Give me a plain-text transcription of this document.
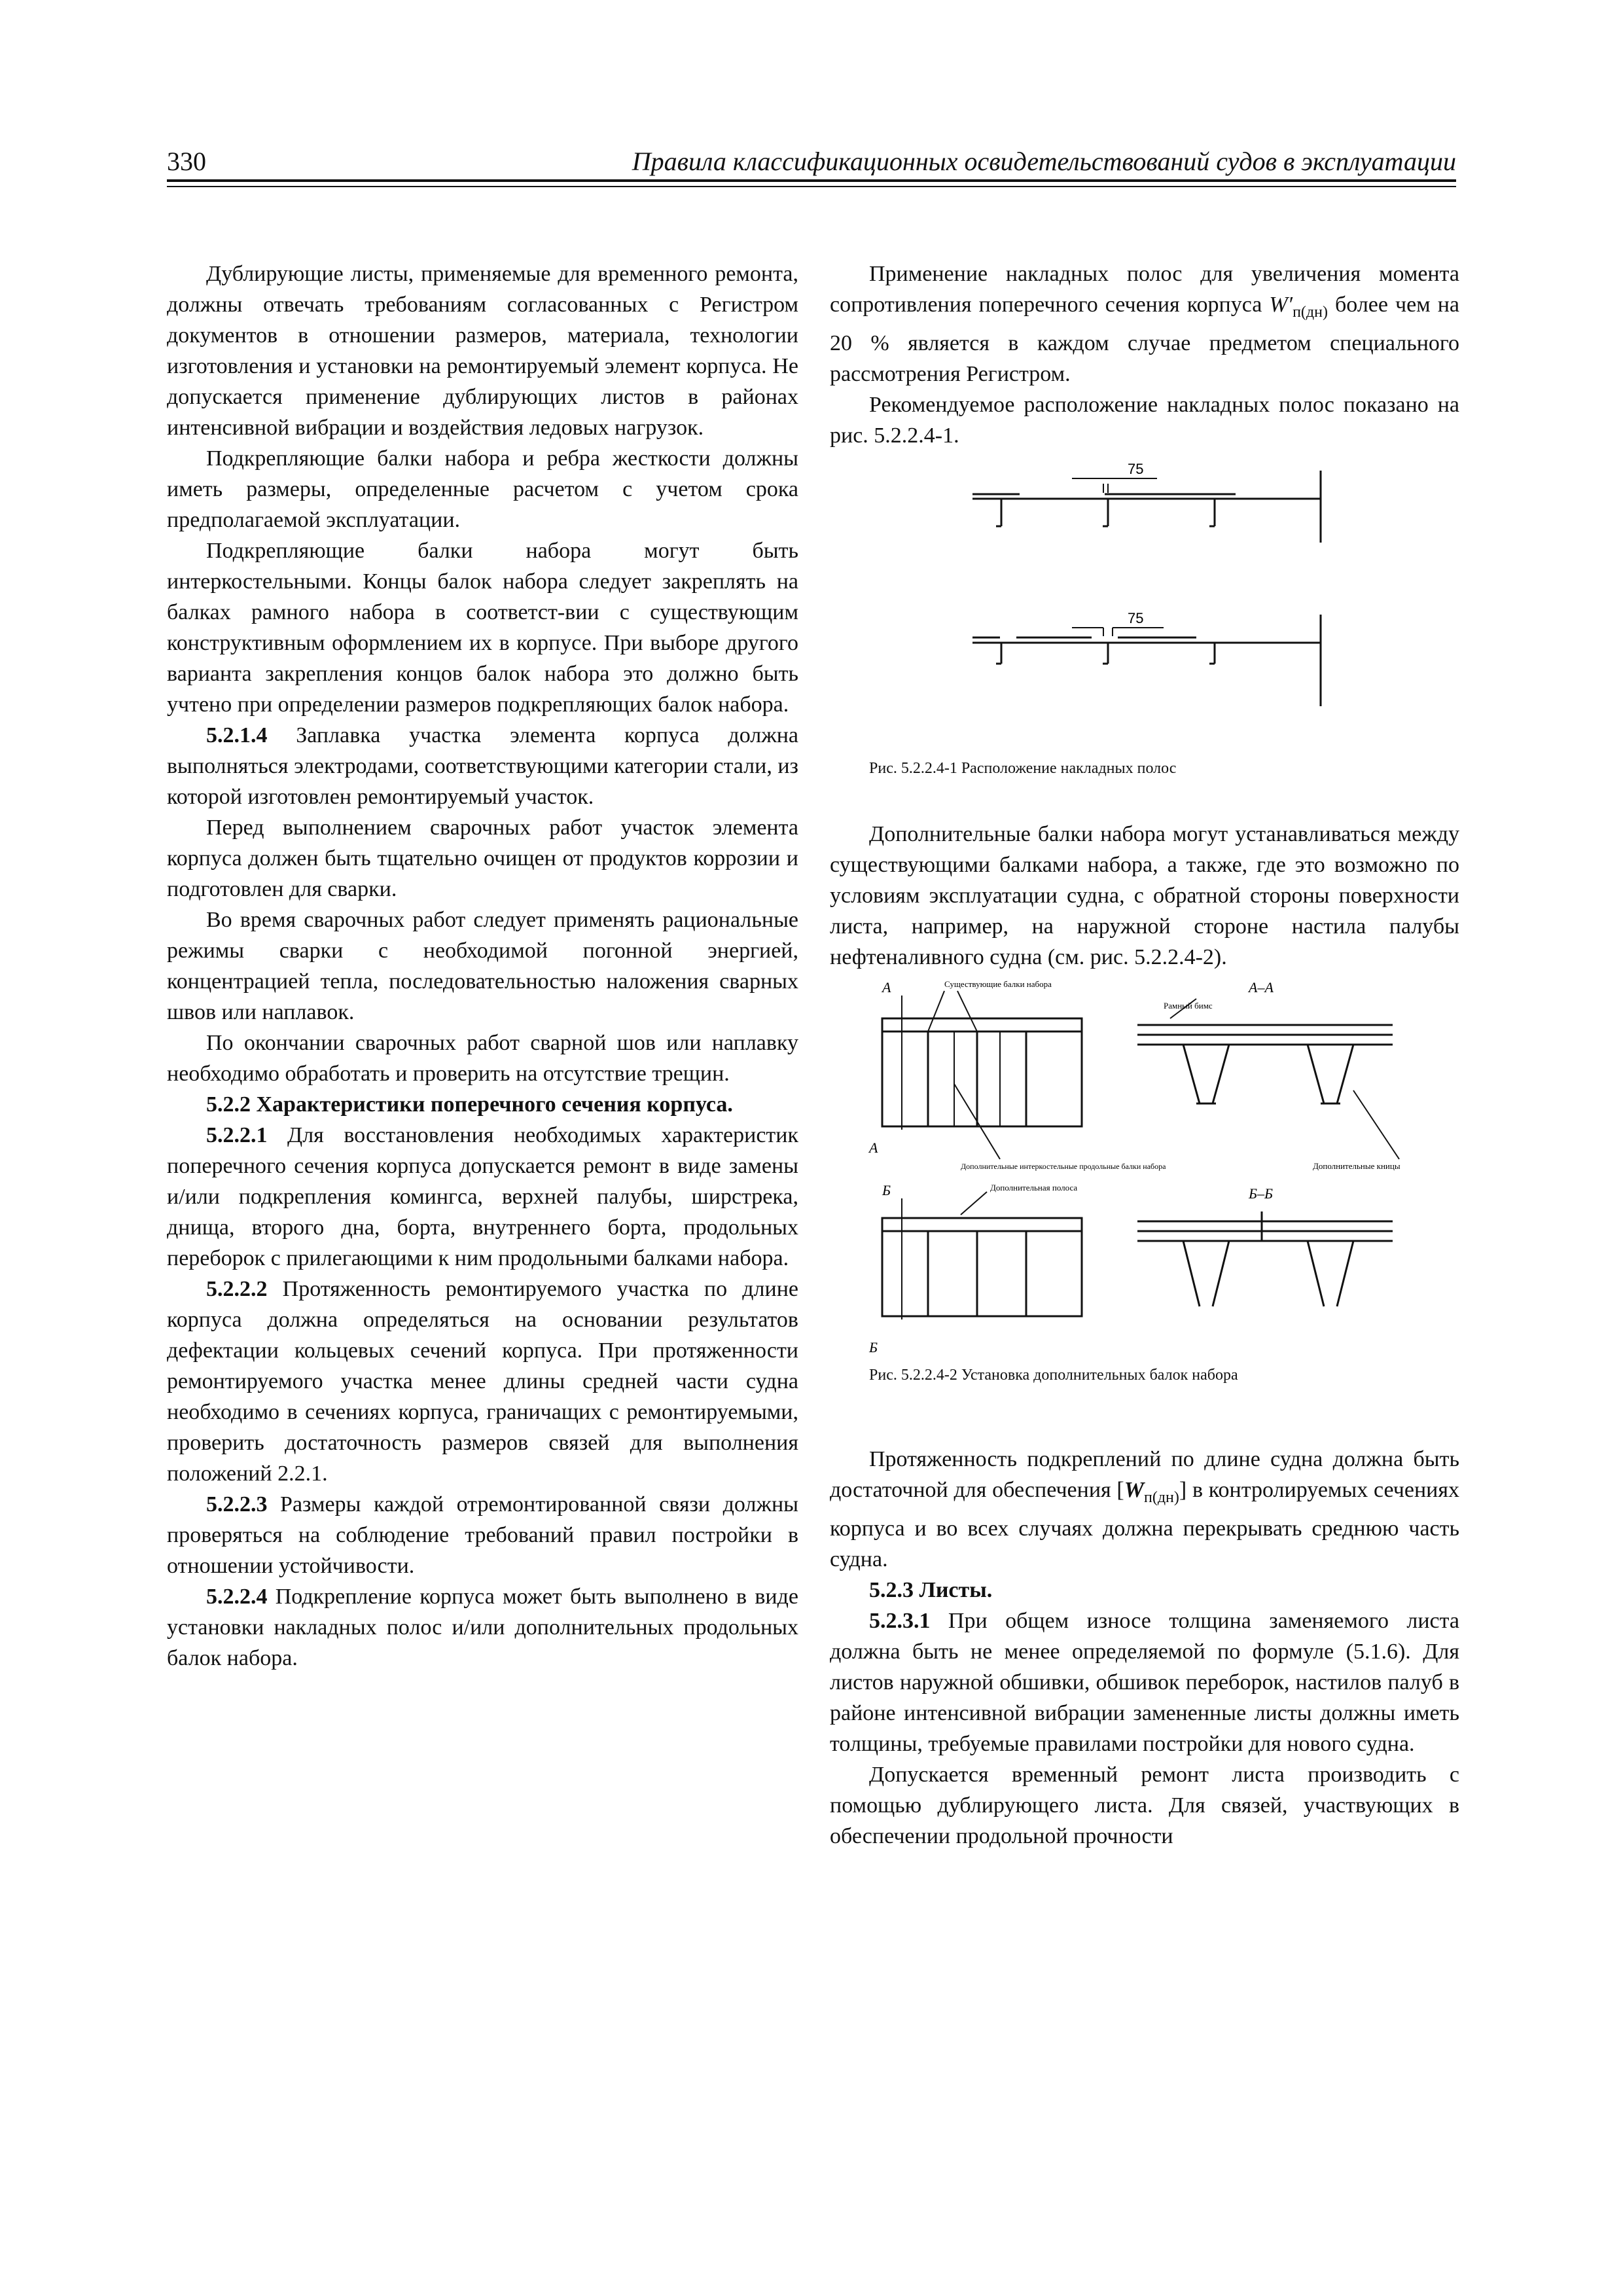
330	Правила классификационных освидетельствований судов в эксплуатации

Дублирующие листы, применяемые для временного ремонта, должны отвечать требованиям согласованных с Регистром документов в отношении размеров, материала, технологии изготовления и установки на ремонтируемый элемент корпуса. Не допускается применение дублирующих листов в районах интенсивной вибрации и воздействия ледовых нагрузок.

Подкрепляющие балки набора и ребра жесткости должны иметь размеры, определенные расчетом с учетом срока предполагаемой эксплуатации.

Подкрепляющие балки набора могут быть интеркостельными. Концы балок набора следует закреплять на балках рамного набора в соответст-вии с существующим конструктивным оформлением их в корпусе. При выборе другого варианта закрепления концов балок набора это должно быть учтено при определении размеров подкрепляющих балок набора.

5.2.1.4 Заплавка участка элемента корпуса должна выполняться электродами, соответствующими категории стали, из которой изготовлен ремонтируемый участок.

Перед выполнением сварочных работ участок элемента корпуса должен быть тщательно очищен от продуктов коррозии и подготовлен для сварки.

Во время сварочных работ следует применять рациональные режимы сварки с необходимой погонной энергией, концентрацией тепла, последовательностью наложения сварных швов или наплавок.

По окончании сварочных работ сварной шов или наплавку необходимо обработать и проверить на отсутствие трещин.

5.2.2 Характеристики поперечного сечения корпуса.

5.2.2.1 Для восстановления необходимых характеристик поперечного сечения корпуса допускается ремонт в виде замены и/или подкрепления комингса, верхней палубы, ширстрека, днища, второго дна, борта, внутреннего борта, продольных переборок с прилегающими к ним продольными балками набора.

5.2.2.2 Протяженность ремонтируемого участка по длине корпуса должна определяться на основании результатов дефектации кольцевых сечений корпуса. При протяженности ремонтируемого участка менее длины средней части судна необходимо в сечениях корпуса, граничащих с ремонтируемыми, проверить достаточность размеров связей для выполнения положений 2.2.1.

5.2.2.3 Размеры каждой отремонтированной связи должны проверяться на соблюдение требований правил постройки в отношении устойчивости.

5.2.2.4 Подкрепление корпуса может быть выполнено в виде установки накладных полос и/или дополнительных продольных балок набора.

Применение накладных полос для увеличения момента сопротивления поперечного сечения корпуса $W'_{п(дн)}$ более чем на 20 % является в каждом случае предметом специального рассмотрения Регистром.

Рекомендуемое расположение накладных полос показано на рис. 5.2.2.4-1.

75
75

Рис. 5.2.2.4-1 Расположение накладных полос

Дополнительные балки набора могут устанавливаться между существующими балками набора, а также, где это возможно по условиям эксплуатации судна, с обратной стороны поверхности листа, например, на наружной стороне настила палубы нефтеналивного судна (см. рис. 5.2.2.4-2).

А	Существующие балки набора	А–А
Рамный бимс
А
Дополнительные интеркостельные продольные балки набора	Дополнительные кницы
Б	Дополнительная полоса	Б–Б
Б

Рис. 5.2.2.4-2 Установка дополнительных балок набора

Протяженность подкреплений по длине судна должна быть достаточной для обеспечения $[W_{п(дн)}]$ в контролируемых сечениях корпуса и во всех случаях должна перекрывать среднюю часть судна.

5.2.3 Листы.

5.2.3.1 При общем износе толщина заменяемого листа должна быть не менее определяемой по формуле (5.1.6). Для листов наружной обшивки, обшивок переборок, настилов палуб в районе интенсивной вибрации замененные листы должны иметь толщины, требуемые правилами постройки для нового судна.

Допускается временный ремонт листа производить с помощью дублирующего листа. Для связей, участвующих в обеспечении продольной прочности
